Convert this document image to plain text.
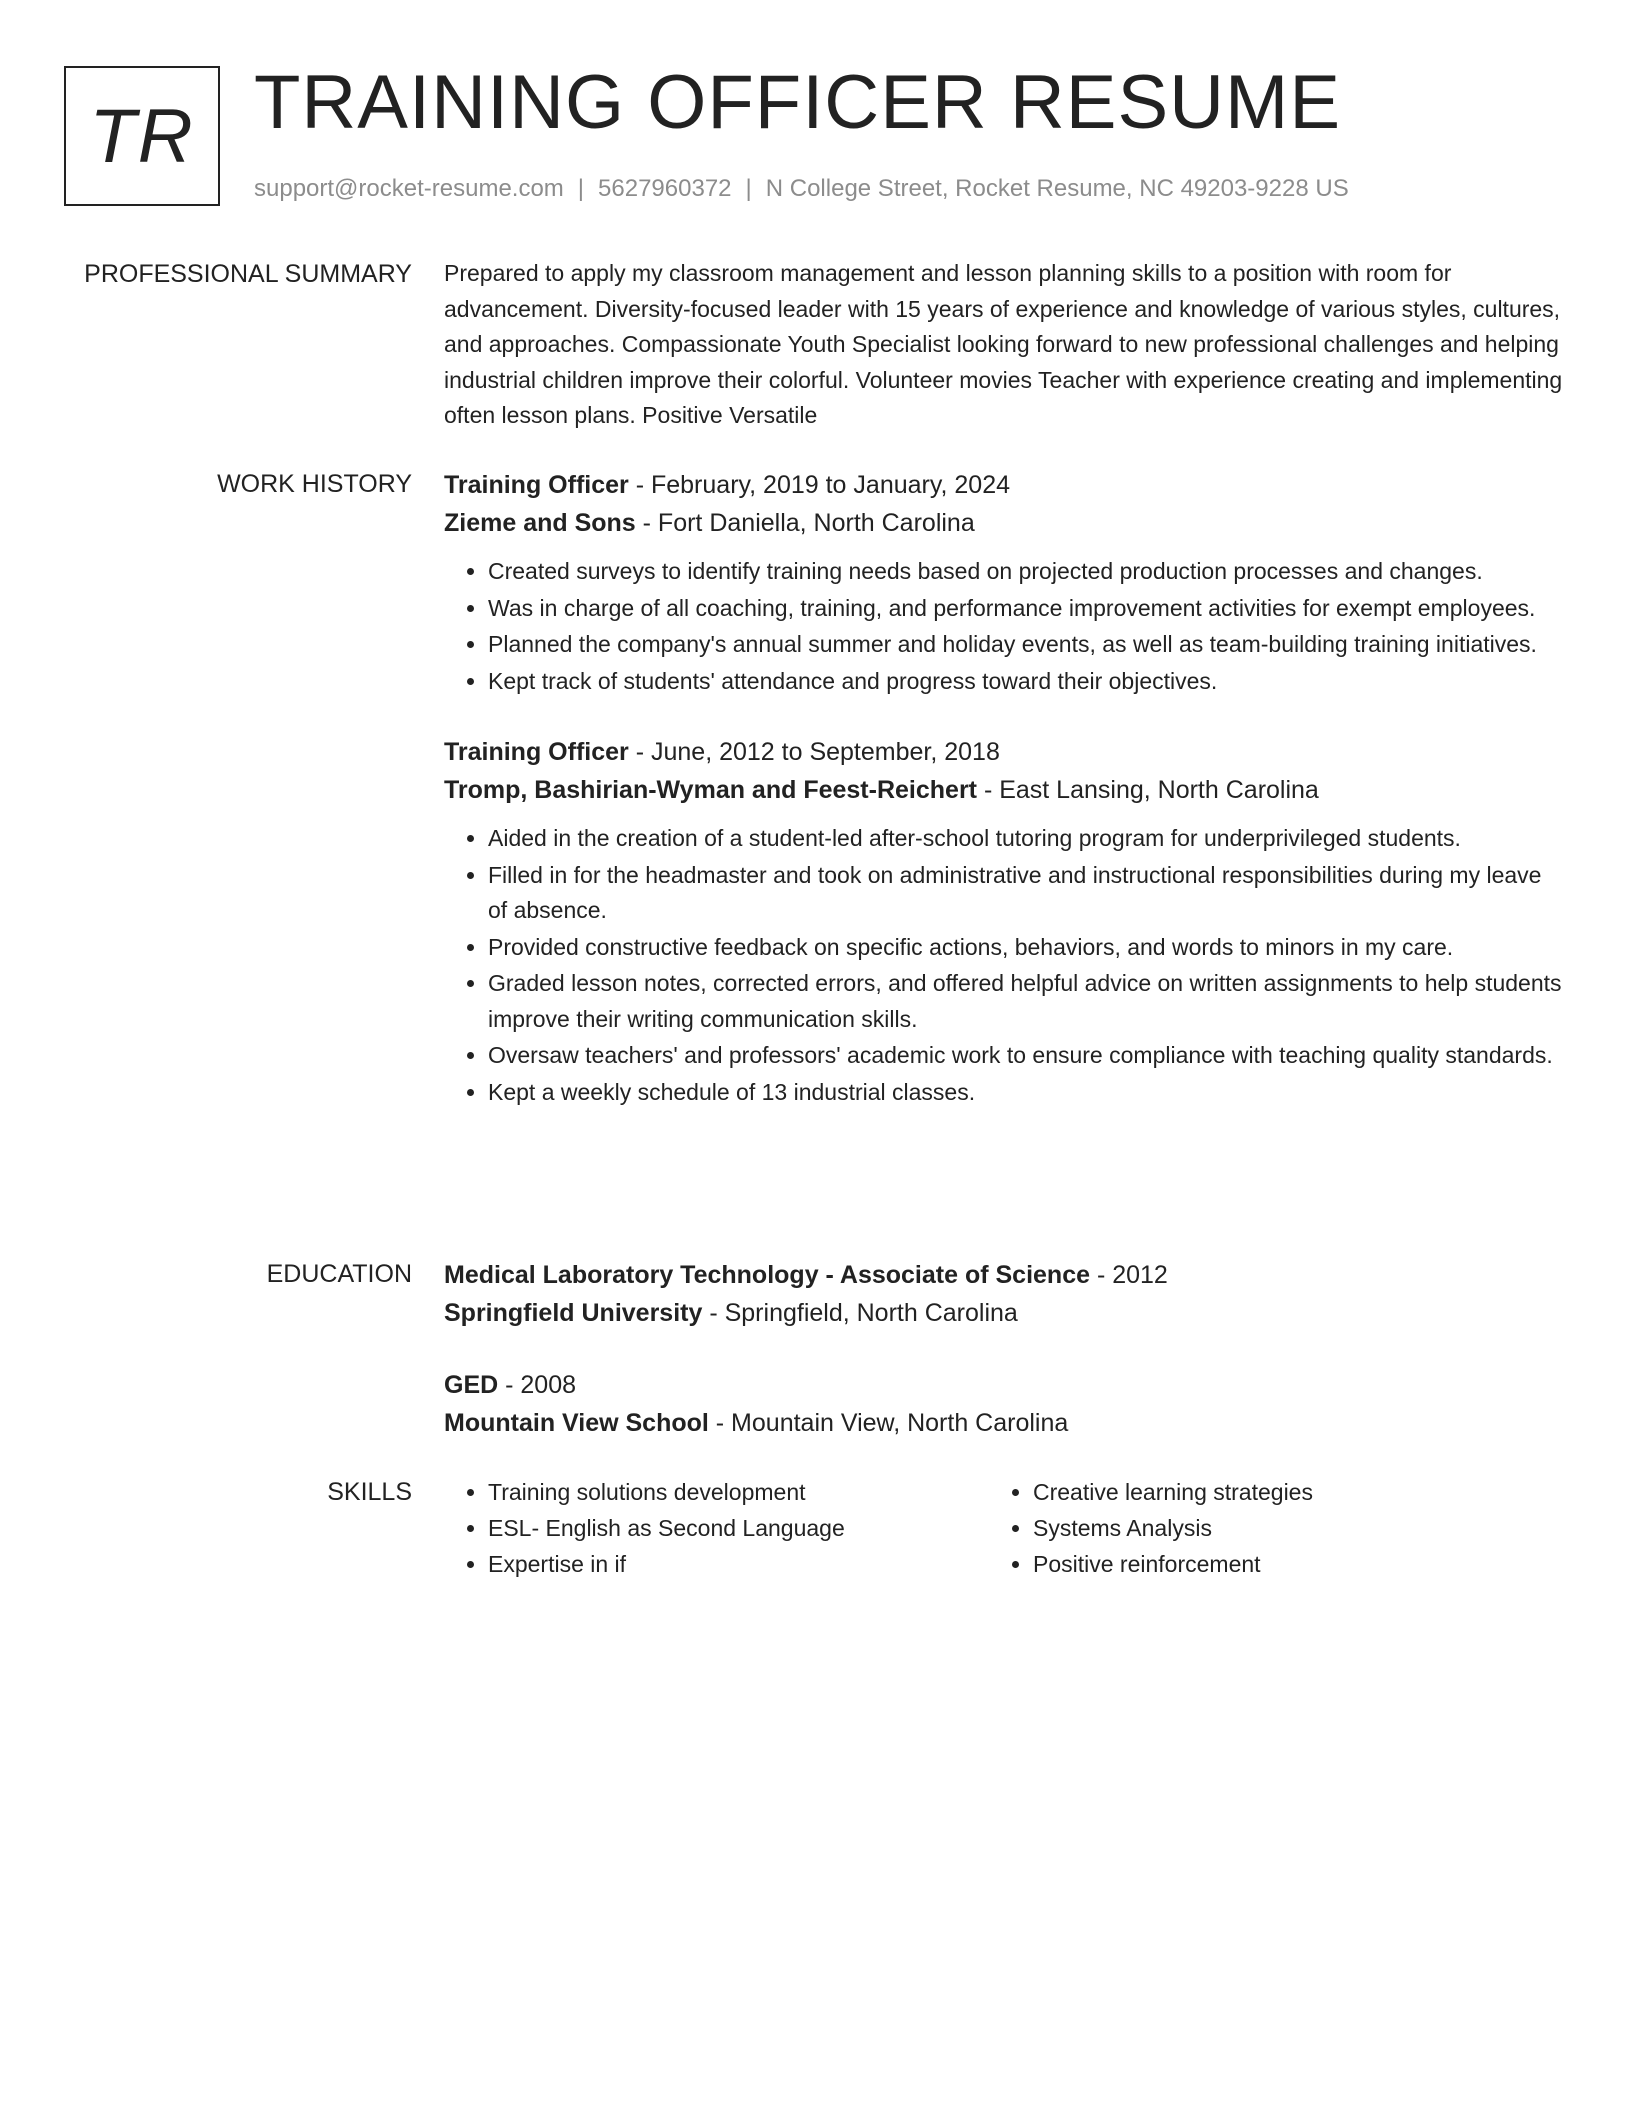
TR TRAINING OFFICER RESUME
support@rocket-resume.com | 5627960372 | N College Street, Rocket Resume, NC 49203-9228 US
PROFESSIONAL SUMMARY Prepared to apply my classroom management and lesson planning skills to a position with room for advancement. Diversity-focused leader with 15 years of experience and knowledge of various styles, cultures, and approaches. Compassionate Youth Specialist looking forward to new professional challenges and helping industrial children improve their colorful. Volunteer movies Teacher with experience creating and implementing often lesson plans. Positive Versatile

WORK HISTORY Training Officer - February, 2019 to January, 2024

Zieme and Sons - Fort Daniella, North Carolina

• Created surveys to identify training needs based on projected production processes and changes.
• Was in charge of all coaching, training, and performance improvement activities for exempt employees.
• Planned the company's annual summer and holiday events, as well as team-building training initiatives.
• Kept track of students' attendance and progress toward their objectives.

Training Officer - June, 2012 to September, 2018

Tromp, Bashirian-Wyman and Feest-Reichert - East Lansing, North Carolina

• Aided in the creation of a student-led after-school tutoring program for underprivileged students.
• Filled in for the headmaster and took on administrative and instructional responsibilities during my leave of absence.
• Provided constructive feedback on specific actions, behaviors, and words to minors in my care.
• Graded lesson notes, corrected errors, and offered helpful advice on written assignments to help students improve their writing communication skills.
• Oversaw teachers' and professors' academic work to ensure compliance with teaching quality standards.
• Kept a weekly schedule of 13 industrial classes.
EDUCATION Medical Laboratory Technology - Associate of Science - 2012

Springfield University - Springfield, North Carolina

GED - 2008

Mountain View School - Mountain View, North Carolina

SKILLS
•	Training solutions development
• ESL- English as Second Language
• Expertise in if
• Creative learning strategies
• Systems Analysis
• Positive reinforcement
